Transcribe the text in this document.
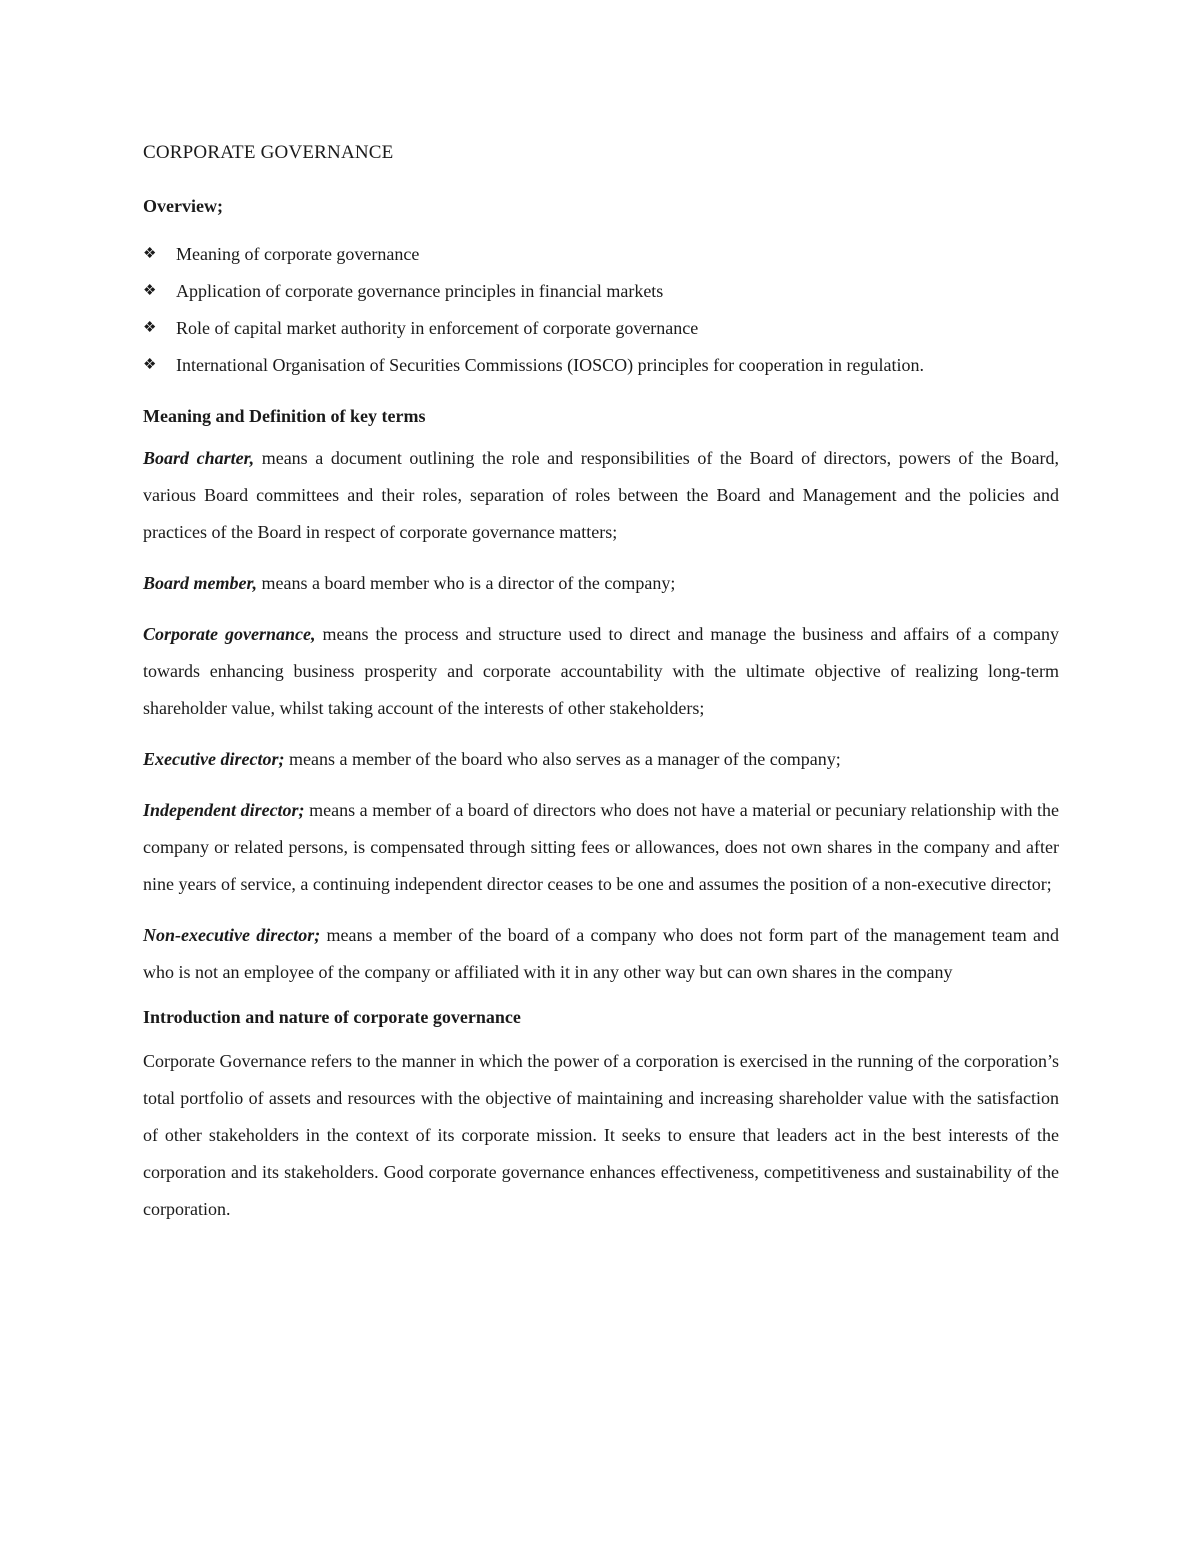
CORPORATE GOVERNANCE
Overview;
❖ Meaning of corporate governance
❖ Application of corporate governance principles in financial markets
❖ Role of capital market authority in enforcement of corporate governance
❖ International Organisation of Securities Commissions (IOSCO) principles for cooperation in regulation.
Meaning and Definition of key terms

Board charter, means a document outlining the role and responsibilities of the Board of directors, powers of the Board, various Board committees and their roles, separation of roles between the Board and Management and the policies and practices of the Board in respect of corporate governance matters;

Board member, means a board member who is a director of the company;

Corporate governance, means the process and structure used to direct and manage the business and affairs of a company towards enhancing business prosperity and corporate accountability with the ultimate objective of realizing long-term shareholder value, whilst taking account of the interests of other stakeholders;

Executive director; means a member of the board who also serves as a manager of the company;

Independent director; means a member of a board of directors who does not have a material or pecuniary relationship with the company or related persons, is compensated through sitting fees or allowances, does not own shares in the company and after nine years of service, a continuing independent director ceases to be one and assumes the position of a non-executive director;

Non-executive director; means a member of the board of a company who does not form part of the management team and who is not an employee of the company or affiliated with it in any other way but can own shares in the company

Introduction and nature of corporate governance

Corporate Governance refers to the manner in which the power of a corporation is exercised in the running of the corporation’s total portfolio of assets and resources with the objective of maintaining and increasing shareholder value with the satisfaction of other stakeholders in the context of its corporate mission. It seeks to ensure that leaders act in the best interests of the corporation and its stakeholders. Good corporate governance enhances effectiveness, competitiveness and sustainability of the corporation.
